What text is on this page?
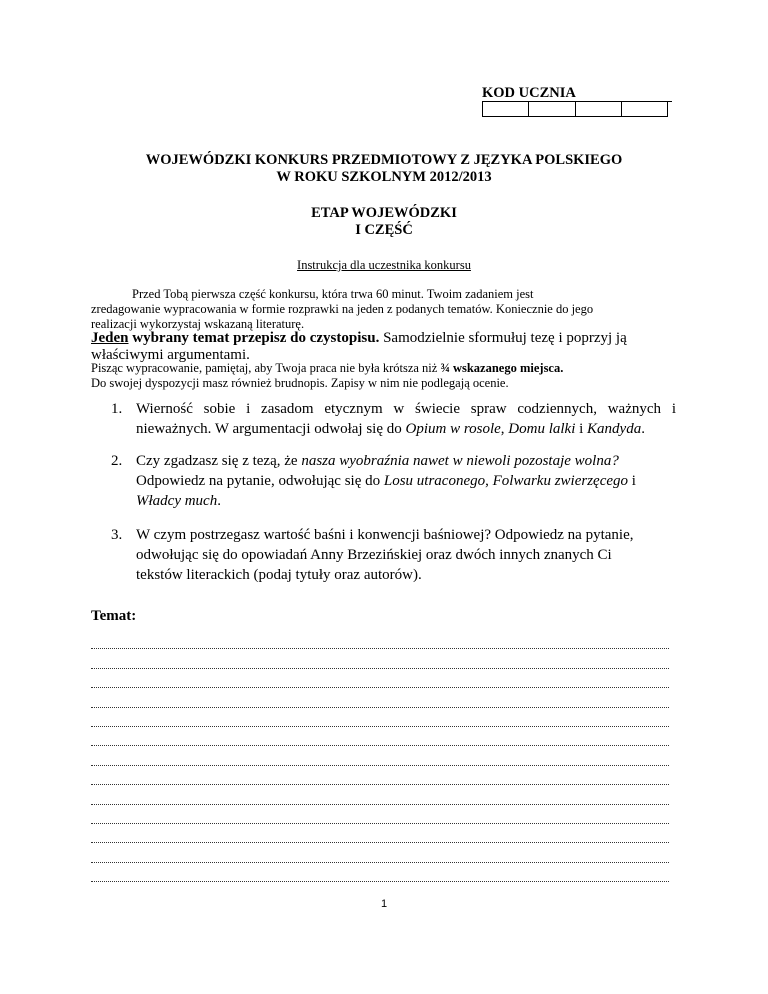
KOD UCZNIA
WOJEWÓDZKI KONKURS PRZEDMIOTOWY Z JĘZYKA POLSKIEGO
W ROKU SZKOLNYM 2012/2013
ETAP WOJEWÓDZKI
I CZĘŚĆ
Instrukcja dla uczestnika konkursu
Przed Tobą pierwsza część konkursu, która trwa 60 minut. Twoim zadaniem jest
zredagowanie wypracowania w formie rozprawki na jeden z podanych tematów. Koniecznie do jego
realizacji wykorzystaj wskazaną literaturę.
Jeden wybrany temat przepisz do czystopisu. Samodzielnie sformułuj tezę i poprzyj ją właściwymi argumentami.
Pisząc wypracowanie, pamiętaj, aby Twoja praca nie była krótsza niż ¾ wskazanego miejsca.
Do swojej dyspozycji masz również brudnopis. Zapisy w nim nie podlegają ocenie.
1. Wierność sobie i zasadom etycznym w świecie spraw codziennych, ważnych i nieważnych. W argumentacji odwołaj się do Opium w rosole, Domu lalki i Kandyda.
2. Czy zgadzasz się z tezą, że nasza wyobraźnia nawet w niewoli pozostaje wolna? Odpowiedz na pytanie, odwołując się do Losu utraconego, Folwarku zwierzęcego i Władcy much.
3. W czym postrzegasz wartość baśni i konwencji baśniowej? Odpowiedz na pytanie,
odwołując się do opowiadań Anny Brzezińskiej oraz dwóch innych znanych Ci
tekstów literackich (podaj tytuły oraz autorów).
Temat:
1
